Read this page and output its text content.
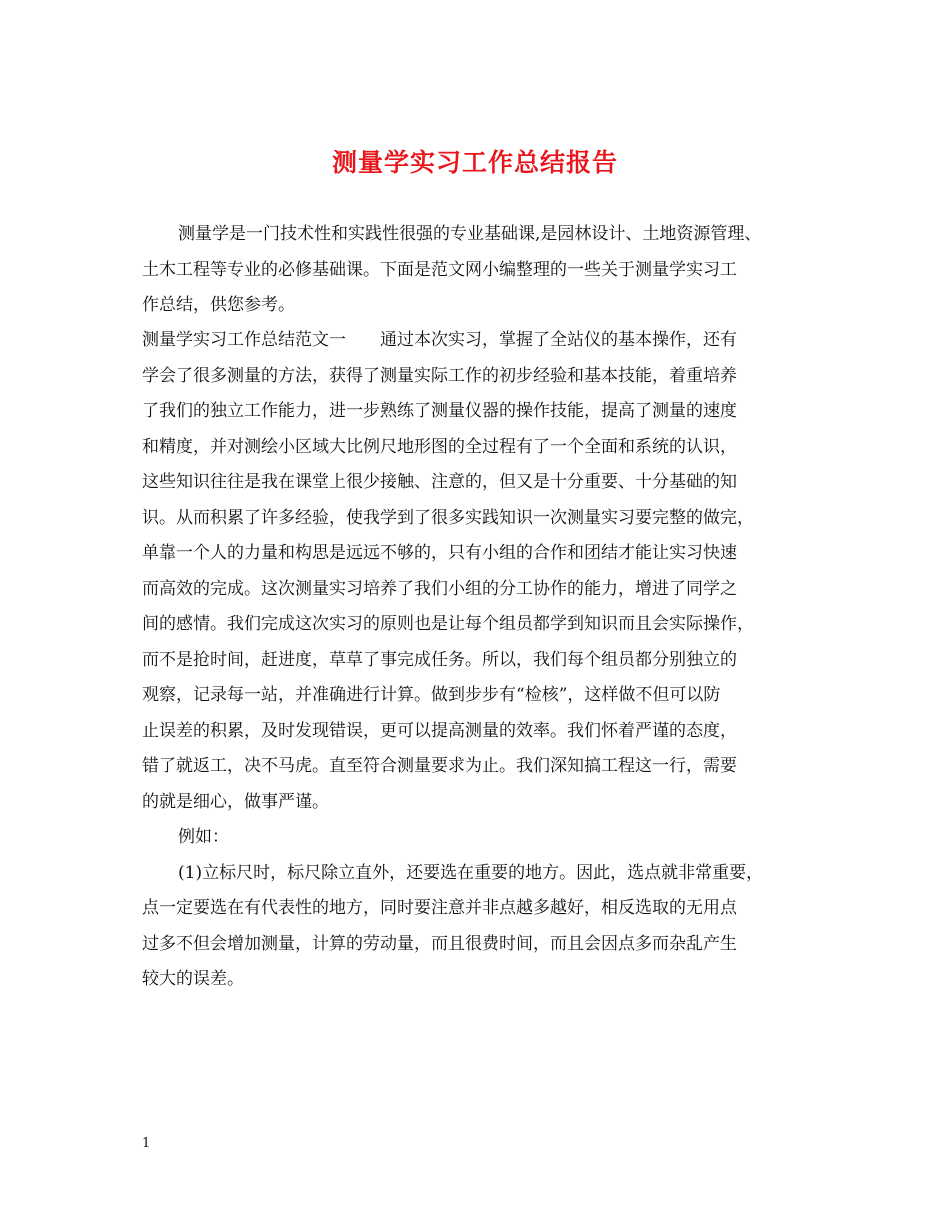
测量学实习工作总结报告
测量学是一门技术性和实践性很强的专业基础课,是园林设计、土地资源管理、
土木工程等专业的必修基础课。下面是范文网小编整理的一些关于测量学实习工
作总结，供您参考。
测量学实习工作总结范文一　　通过本次实习，掌握了全站仪的基本操作，还有
学会了很多测量的方法，获得了测量实际工作的初步经验和基本技能，着重培养
了我们的独立工作能力，进一步熟练了测量仪器的操作技能，提高了测量的速度
和精度，并对测绘小区域大比例尺地形图的全过程有了一个全面和系统的认识，
这些知识往往是我在课堂上很少接触、注意的，但又是十分重要、十分基础的知
识。从而积累了许多经验，使我学到了很多实践知识一次测量实习要完整的做完，
单靠一个人的力量和构思是远远不够的，只有小组的合作和团结才能让实习快速
而高效的完成。这次测量实习培养了我们小组的分工协作的能力，增进了同学之
间的感情。我们完成这次实习的原则也是让每个组员都学到知识而且会实际操作，
而不是抢时间，赶进度，草草了事完成任务。所以，我们每个组员都分别独立的
观察，记录每一站，并准确进行计算。做到步步有“检核”，这样做不但可以防
止误差的积累，及时发现错误，更可以提高测量的效率。我们怀着严谨的态度，
错了就返工，决不马虎。直至符合测量要求为止。我们深知搞工程这一行，需要
的就是细心，做事严谨。
例如：
(1)立标尺时，标尺除立直外，还要选在重要的地方。因此，选点就非常重要，
点一定要选在有代表性的地方，同时要注意并非点越多越好，相反选取的无用点
过多不但会增加测量，计算的劳动量，而且很费时间，而且会因点多而杂乱产生
较大的误差。
1
